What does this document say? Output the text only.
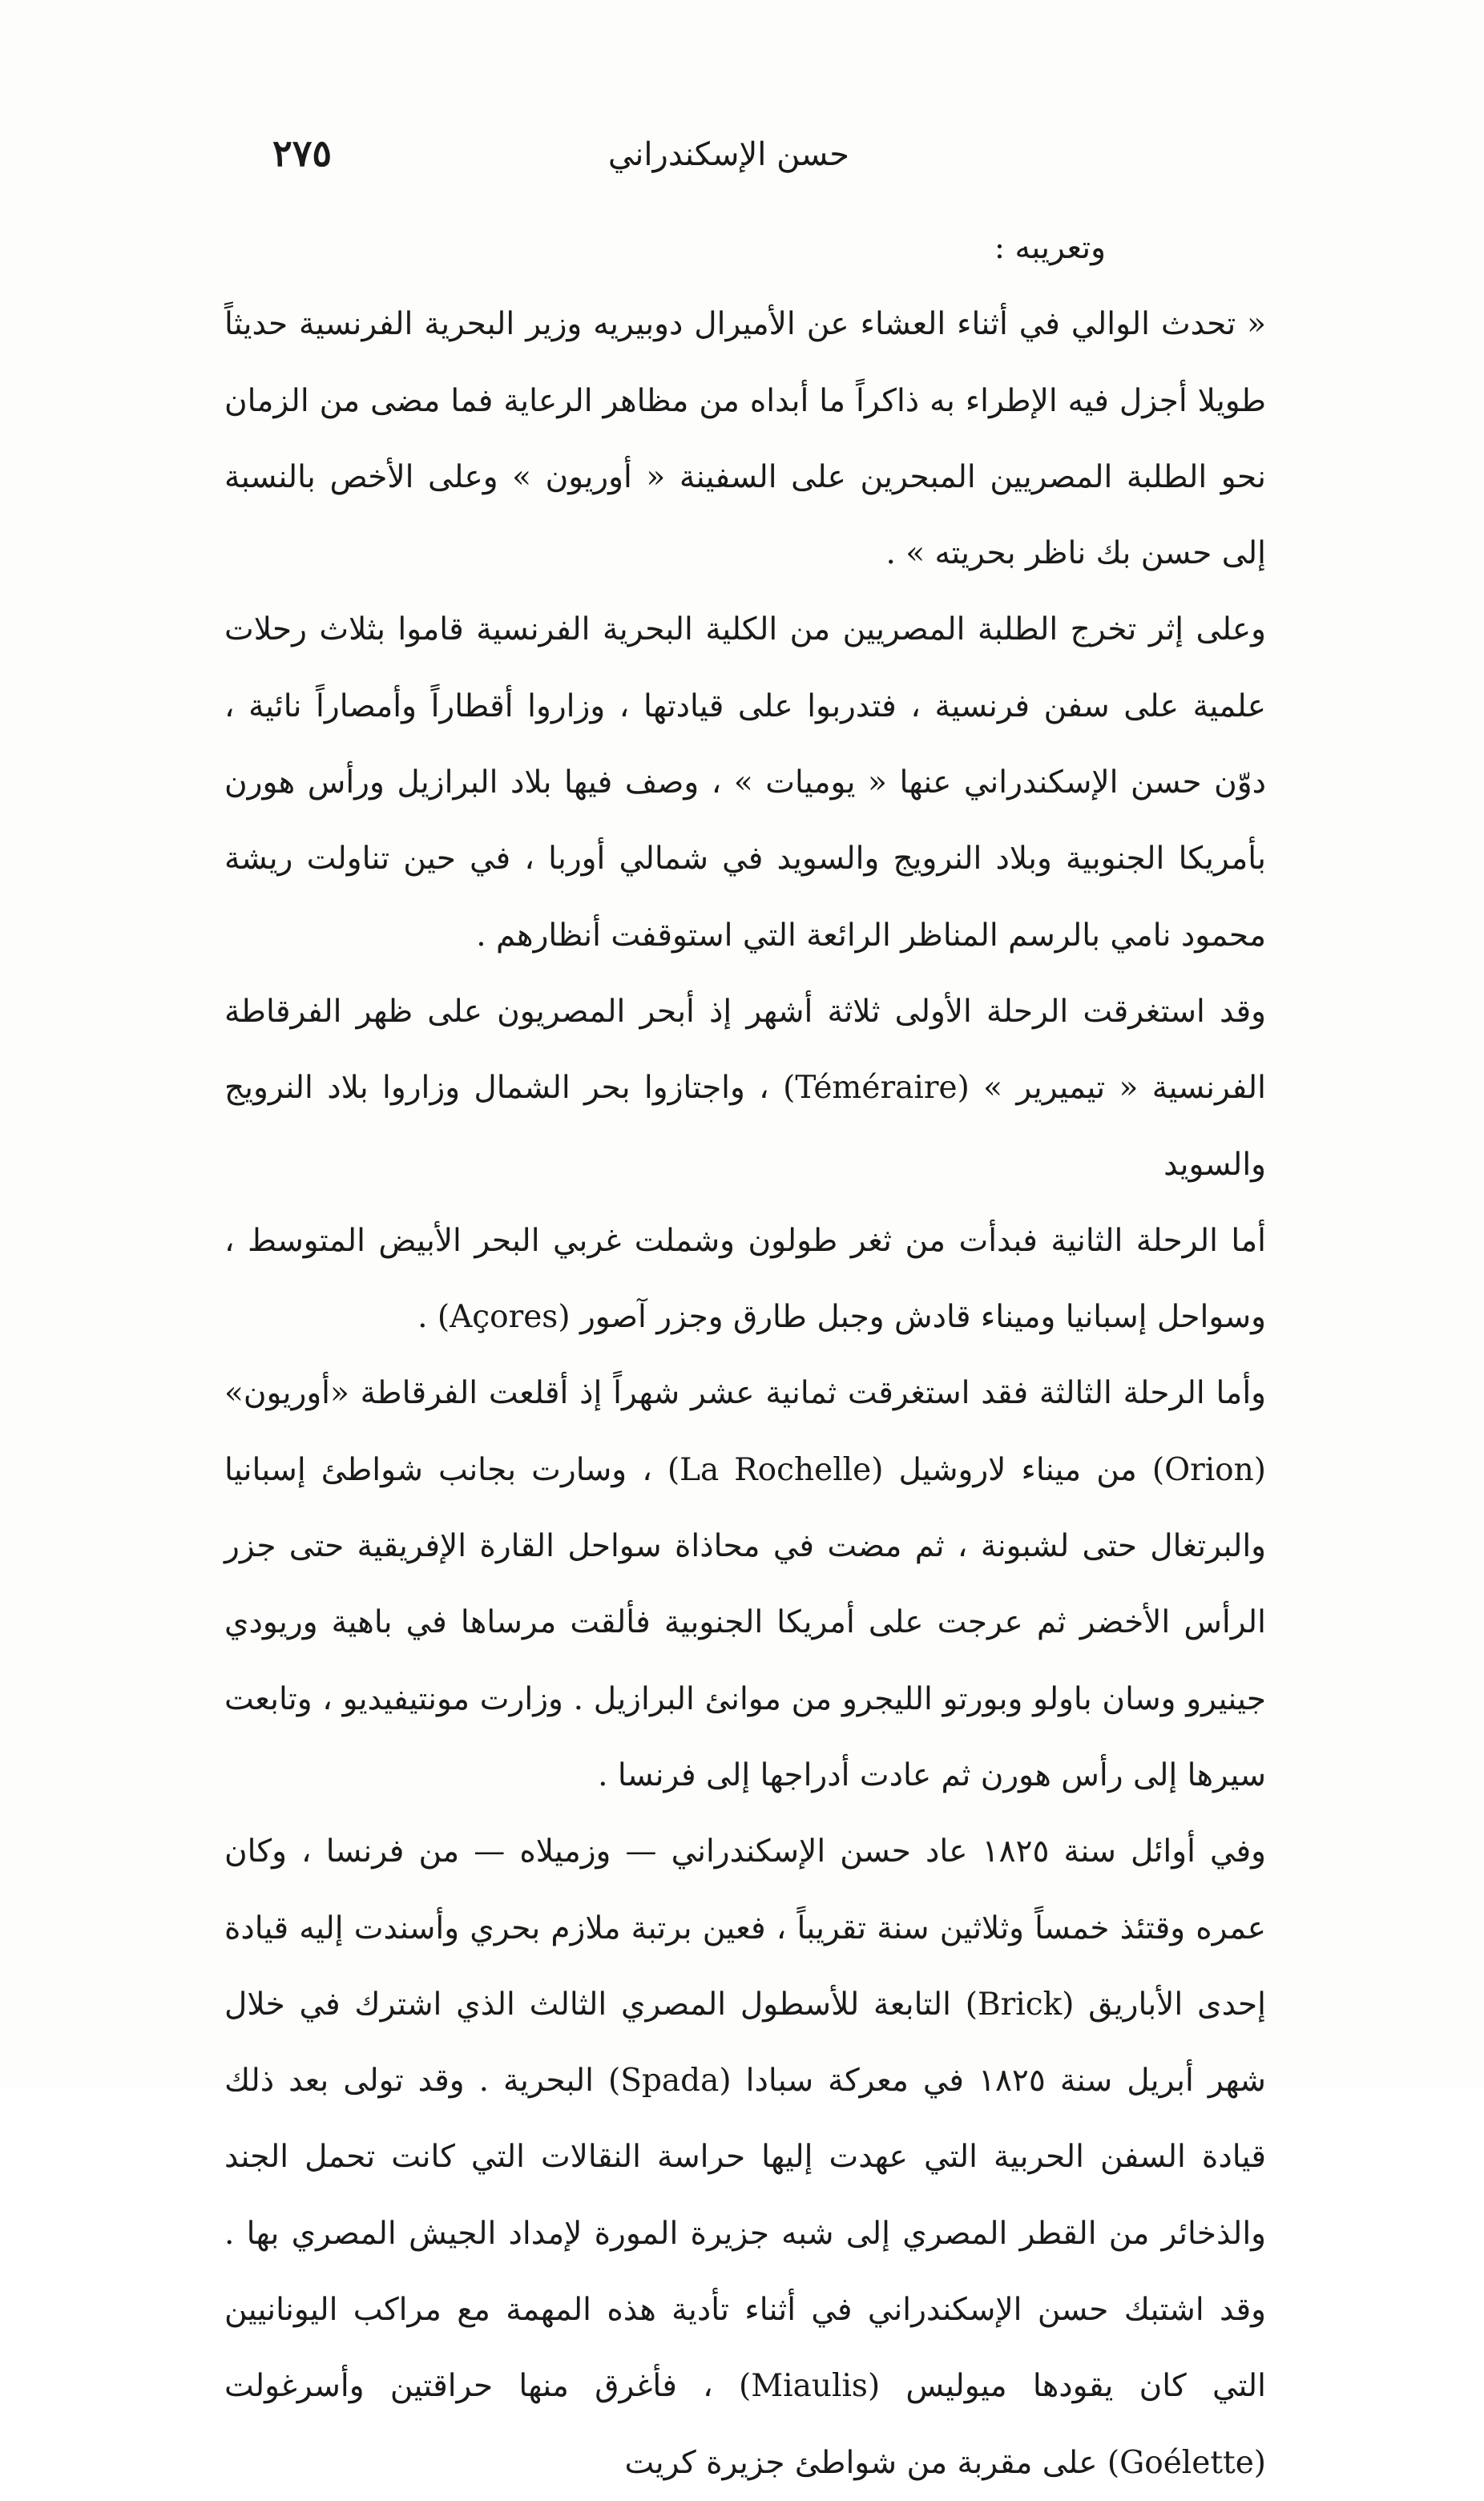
حسن الإسكندراني
٢٧٥

وتعريبه :

« تحدث الوالي في أثناء العشاء عن الأميرال دوبيريه وزير البحرية الفرنسية حديثاً طويلا أجزل فيه الإطراء به ذاكراً ما أبداه من مظاهر الرعاية فما مضى من الزمان نحو الطلبة المصريين المبحرين على السفينة « أوريون » وعلى الأخص بالنسبة إلى حسن بك ناظر بحريته » .

وعلى إثر تخرج الطلبة المصريين من الكلية البحرية الفرنسية قاموا بثلاث رحلات علمية على سفن فرنسية ، فتدربوا على قيادتها ، وزاروا أقطاراً وأمصاراً نائية ، دوّن حسن الإسكندراني عنها « يوميات » ، وصف فيها بلاد البرازيل ورأس هورن بأمريكا الجنوبية وبلاد النرويج والسويد في شمالي أوربا ، في حين تناولت ريشة محمود نامي بالرسم المناظر الرائعة التي استوقفت أنظارهم .

وقد استغرقت الرحلة الأولى ثلاثة أشهر إذ أبحر المصريون على ظهر الفرقاطة الفرنسية « تيميرير » (Téméraire) ، واجتازوا بحر الشمال وزاروا بلاد النرويج والسويد

أما الرحلة الثانية فبدأت من ثغر طولون وشملت غربي البحر الأبيض المتوسط ، وسواحل إسبانيا وميناء قادش وجبل طارق وجزر آصور (Açores) .

وأما الرحلة الثالثة فقد استغرقت ثمانية عشر شهراً إذ أقلعت الفرقاطة «أوريون» (Orion) من ميناء لاروشيل (La Rochelle) ، وسارت بجانب شواطئ إسبانيا والبرتغال حتى لشبونة ، ثم مضت في محاذاة سواحل القارة الإفريقية حتى جزر الرأس الأخضر ثم عرجت على أمريكا الجنوبية فألقت مرساها في باهية وريودي جينيرو وسان باولو وبورتو الليجرو من موانئ البرازيل . وزارت مونتيفيديو ، وتابعت سيرها إلى رأس هورن ثم عادت أدراجها إلى فرنسا .

وفي أوائل سنة ١٨٢٥ عاد حسن الإسكندراني — وزميلاه — من فرنسا ، وكان عمره وقتئذ خمساً وثلاثين سنة تقريباً ، فعين برتبة ملازم بحري وأسندت إليه قيادة إحدى الأباريق (Brick) التابعة للأسطول المصري الثالث الذي اشترك في خلال شهر أبريل سنة ١٨٢٥ في معركة سبادا (Spada) البحرية . وقد تولى بعد ذلك قيادة السفن الحربية التي عهدت إليها حراسة النقالات التي كانت تحمل الجند والذخائر من القطر المصري إلى شبه جزيرة المورة لإمداد الجيش المصري بها . وقد اشتبك حسن الإسكندراني في أثناء تأدية هذه المهمة مع مراكب اليونانيين التي كان يقودها ميوليس (Miaulis) ، فأغرق منها حراقتين وأسرغولت (Goélette) على مقربة من شواطئ جزيرة كريت
